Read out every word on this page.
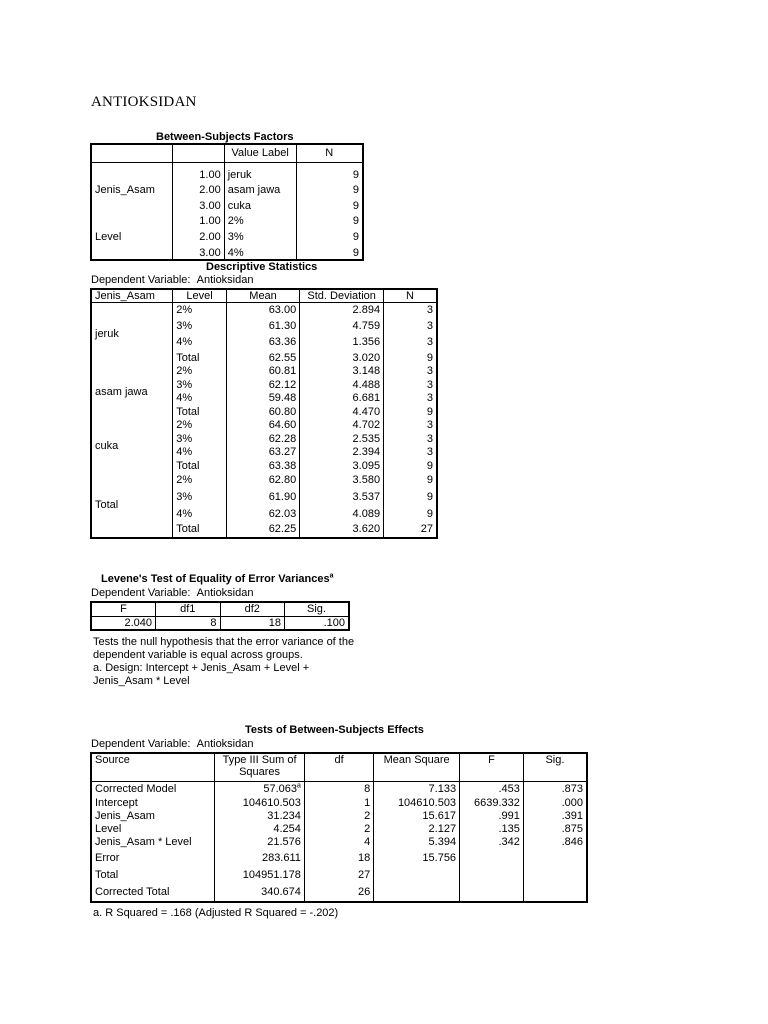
ANTIOKSIDAN
Between-Subjects Factors
		Value Label	N

	1.00	jeruk	9
Jenis_Asam	2.00	asam jawa	9
	3.00	cuka	9
	1.00	2%	9
Level	2.00	3%	9
	3.00	4%	9
Descriptive Statistics
Dependent Variable: Antioksidan
Jenis_Asam	Level	Mean	Std. Deviation	N
jeruk	2%	63.00	2.894	3
	3%	61.30	4.759	3
	4%	63.36	1.356	3
	Total	62.55	3.020	9
asam jawa	2%	60.81	3.148	3
	3%	62.12	4.488	3
	4%	59.48	6.681	3
	Total	60.80	4.470	9
cuka	2%	64.60	4.702	3
	3%	62.28	2.535	3
	4%	63.27	2.394	3
	Total	63.38	3.095	9
Total	2%	62.80	3.580	9
	3%	61.90	3.537	9
	4%	62.03	4.089	9
	Total	62.25	3.620	27
Levene's Test of Equality of Error Variances$^a$
Dependent Variable: Antioksidan
F	df1	df2	Sig.
2.040	8	18	.100
Tests the null hypothesis that the error variance of the dependent variable is equal across groups.
a. Design: Intercept + Jenis_Asam + Level + Jenis_Asam * Level
Tests of Between-Subjects Effects
Dependent Variable: Antioksidan
Source	Type III Sum of Squares	df	Mean Square	F	Sig.
Corrected Model	57.063$^a$	8	7.133	.453	.873
Intercept	104610.503	1	104610.503	6639.332	.000
Jenis_Asam	31.234	2	15.617	.991	.391
Level	4.254	2	2.127	.135	.875
Jenis_Asam * Level	21.576	4	5.394	.342	.846
Error	283.611	18	15.756		
Total	104951.178	27			
Corrected Total	340.674	26			
a. R Squared = .168 (Adjusted R Squared = -.202)
